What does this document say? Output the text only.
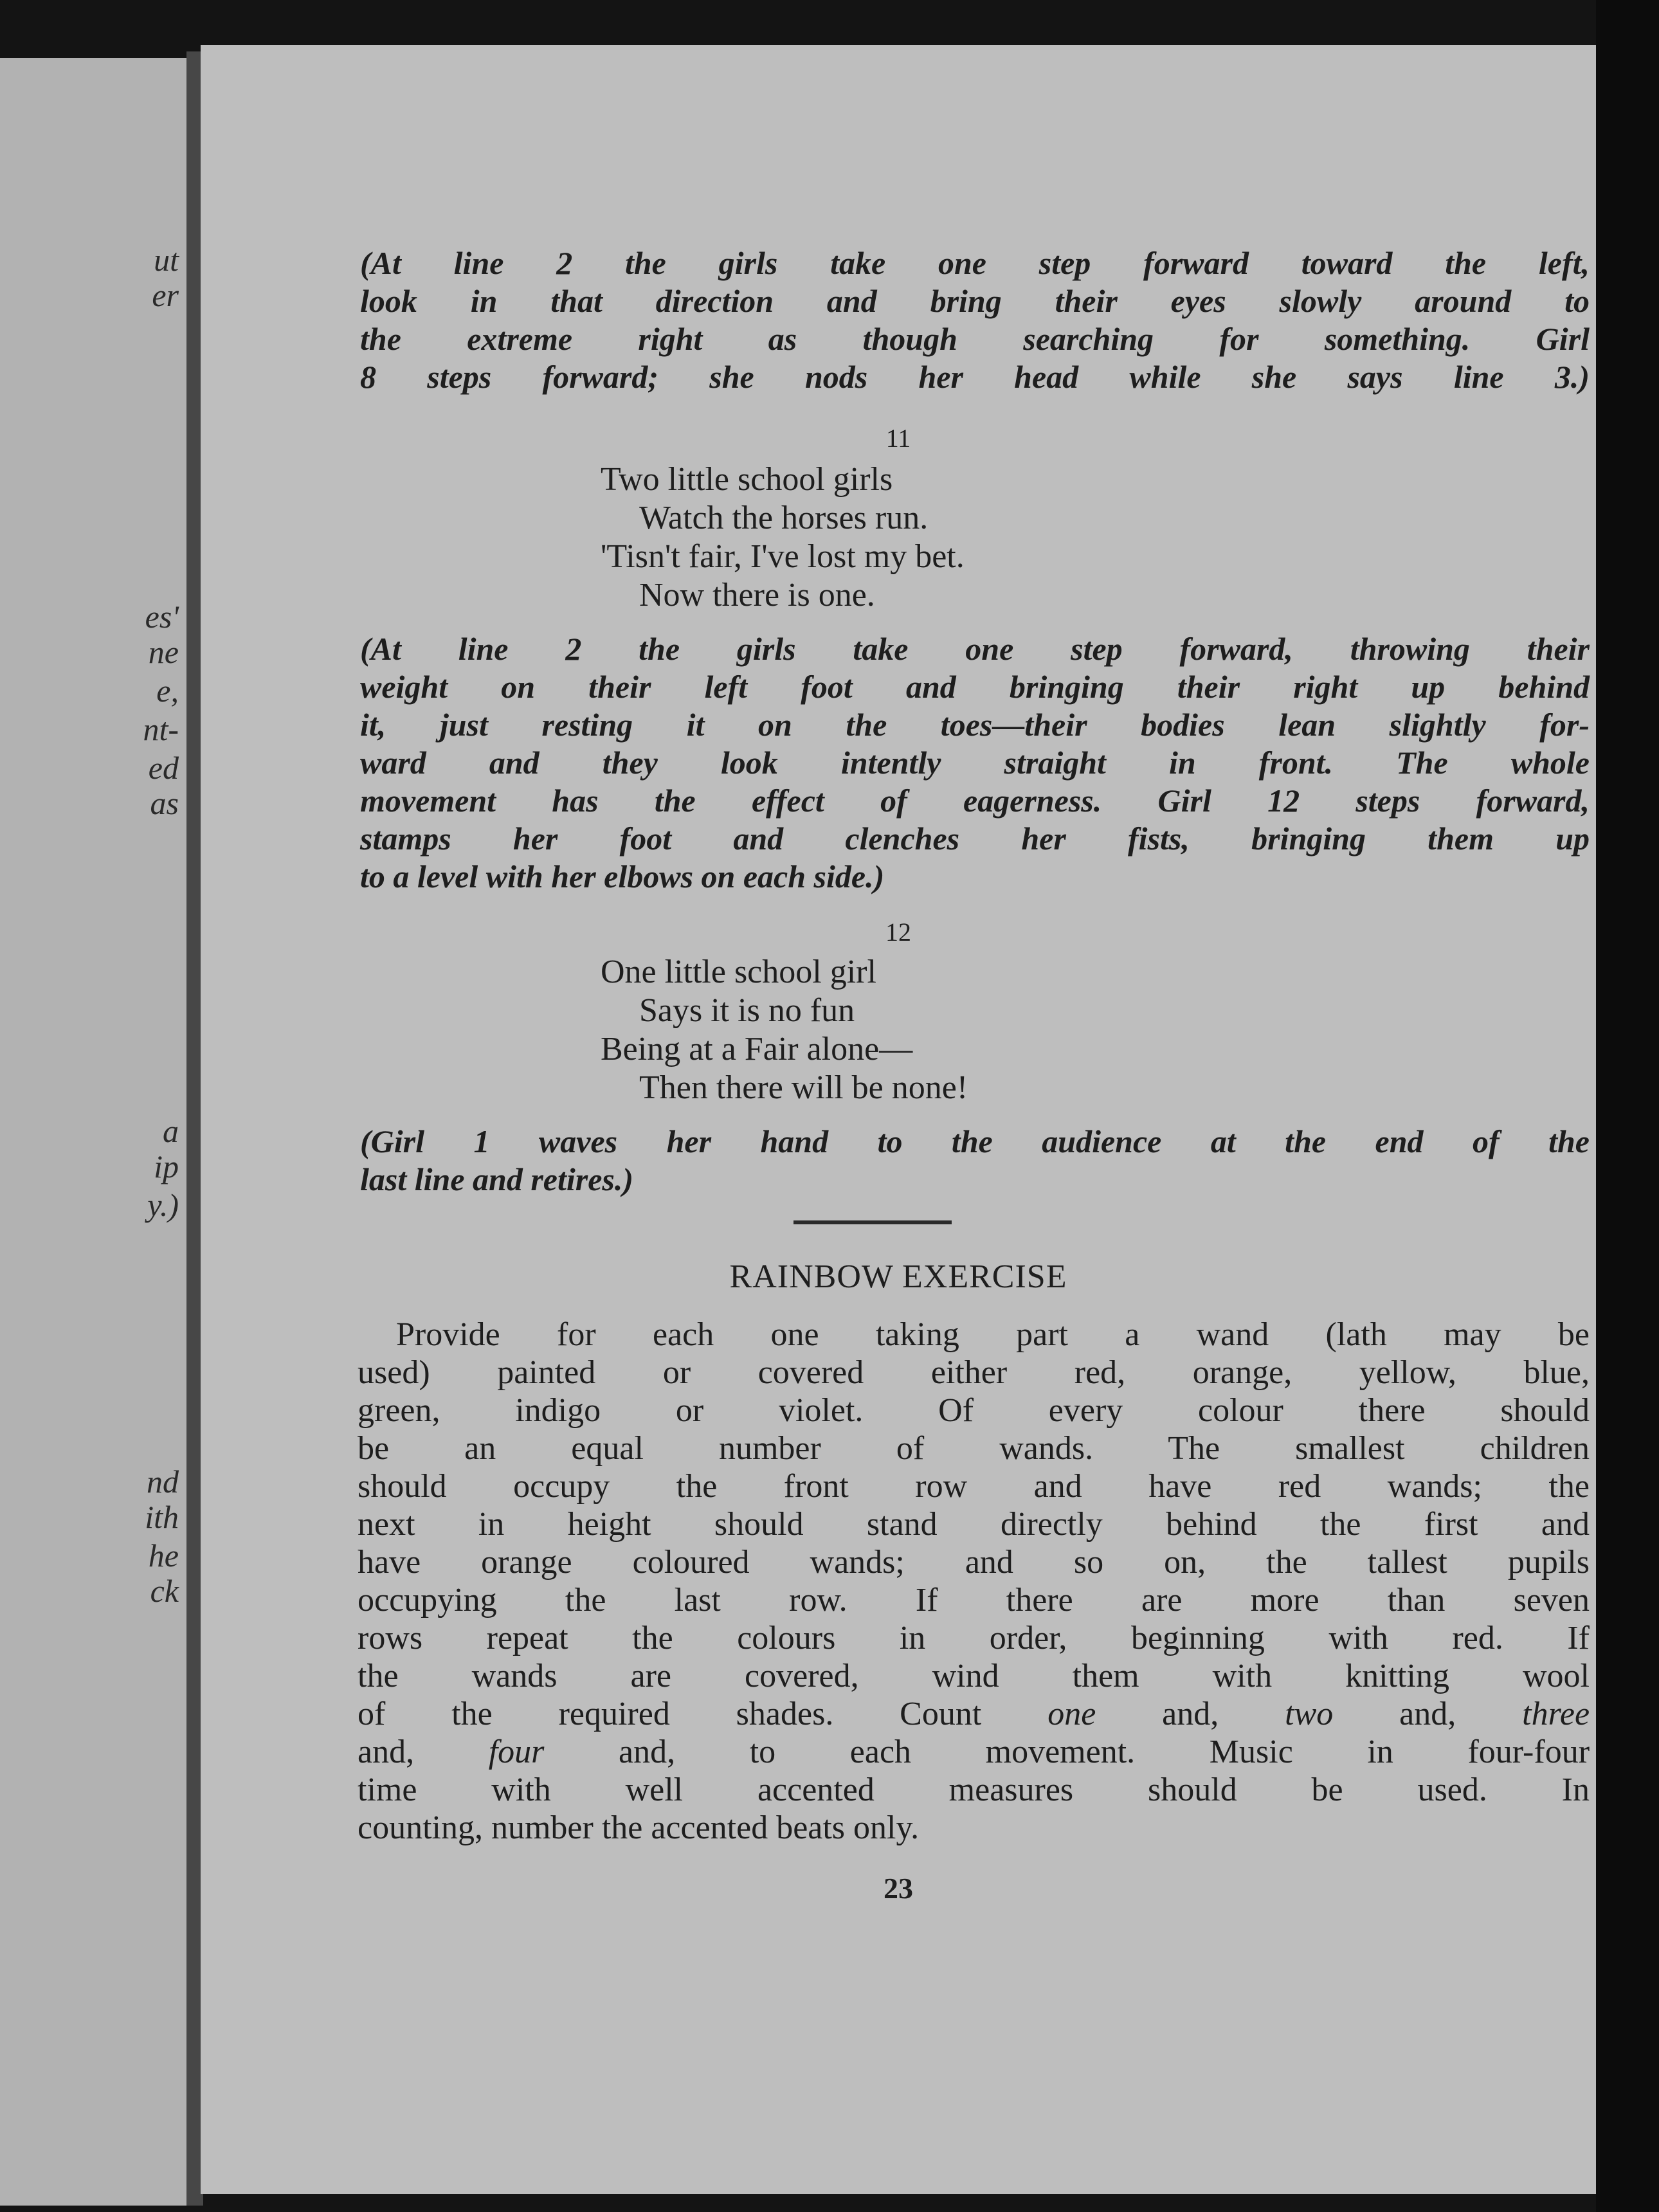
ut
er
es'
ne
e,
nt-
ed
as
a
ip
y.)
nd
ith
he
ck
(At line 2 the girls take one step forward toward the left,
look in that direction and bring their eyes slowly around to
the extreme right as though searching for something. Girl
8 steps forward; she nods her head while she says line 3.)
11
Two little school girls
Watch the horses run.
'Tisn't fair, I've lost my bet.
Now there is one.
(At line 2 the girls take one step forward, throwing their
weight on their left foot and bringing their right up behind
it, just resting it on the toes—their bodies lean slightly for-
ward and they look intently straight in front. The whole
movement has the effect of eagerness. Girl 12 steps forward,
stamps her foot and clenches her fists, bringing them up
to a level with her elbows on each side.)
12
One little school girl
Says it is no fun
Being at a Fair alone—
Then there will be none!
(Girl 1 waves her hand to the audience at the end of the
last line and retires.)
RAINBOW EXERCISE
Provide for each one taking part a wand (lath may be
used) painted or covered either red, orange, yellow, blue,
green, indigo or violet. Of every colour there should
be an equal number of wands. The smallest children
should occupy the front row and have red wands; the
next in height should stand directly behind the first and
have orange coloured wands; and so on, the tallest pupils
occupying the last row. If there are more than seven
rows repeat the colours in order, beginning with red. If
the wands are covered, wind them with knitting wool
of the required shades. Count one and, two and, three
and, four and, to each movement. Music in four-four
time with well accented measures should be used. In
counting, number the accented beats only.
23
